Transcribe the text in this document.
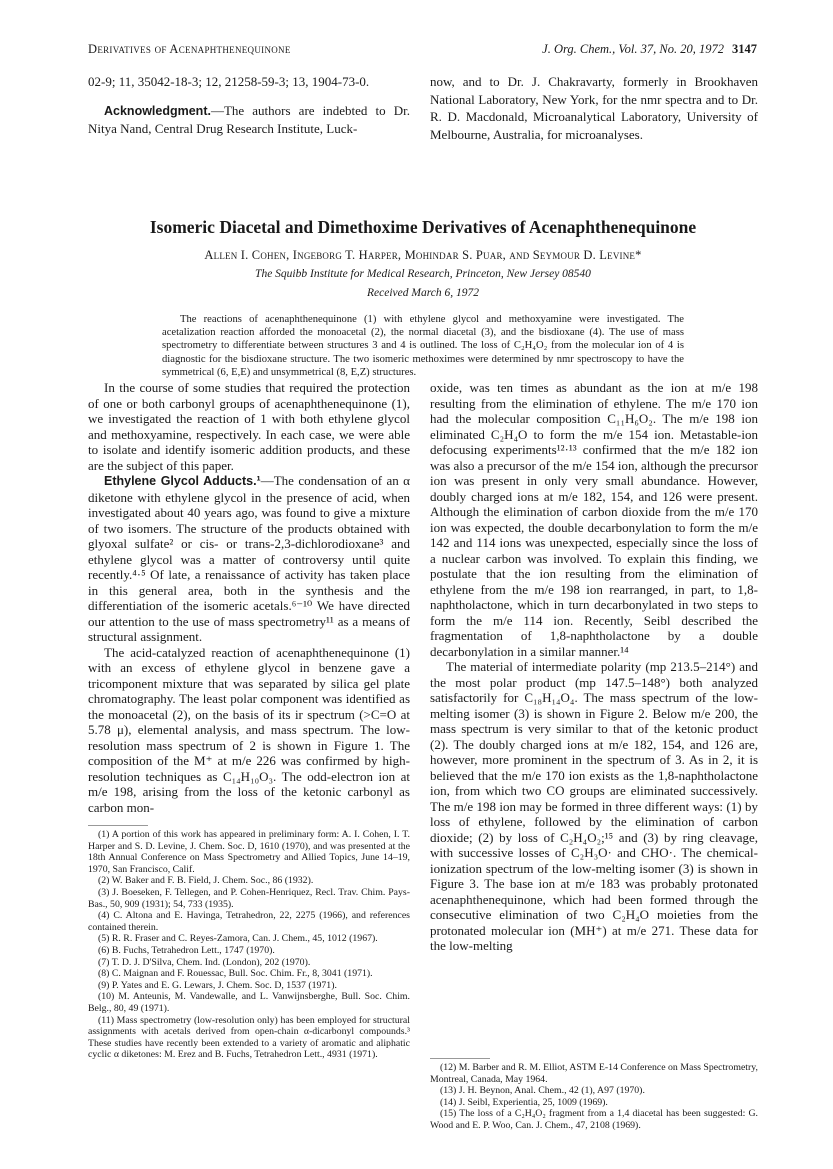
Derivatives of Acenaphthenequinone	J. Org. Chem., Vol. 37, No. 20, 1972 3147

02-9; 11, 35042-18-3; 12, 21258-59-3; 13, 1904-73-0.

Acknowledgment.—The authors are indebted to Dr. Nitya Nand, Central Drug Research Institute, Luck-

now, and to Dr. J. Chakravarty, formerly in Brookhaven National Laboratory, New York, for the nmr spectra and to Dr. R. D. Macdonald, Microanalytical Laboratory, University of Melbourne, Australia, for microanalyses.

Isomeric Diacetal and Dimethoxime Derivatives of Acenaphthenequinone
Allen I. Cohen, Ingeborg T. Harper, Mohindar S. Puar, and Seymour D. Levine*
The Squibb Institute for Medical Research, Princeton, New Jersey 08540
Received March 6, 1972

The reactions of acenaphthenequinone (1) with ethylene glycol and methoxyamine were investigated. The acetalization reaction afforded the monoacetal (2), the normal diacetal (3), and the bisdioxane (4). The use of mass spectrometry to differentiate between structures 3 and 4 is outlined. The loss of C₂H₄O₂ from the molecular ion of 4 is diagnostic for the bisdioxane structure. The two isomeric methoximes were determined by nmr spectroscopy to have the symmetrical (6, E,E) and unsymmetrical (8, E,Z) structures.

In the course of some studies that required the protection of one or both carbonyl groups of acenaphthenequinone (1), we investigated the reaction of 1 with both ethylene glycol and methoxyamine, respectively. In each case, we were able to isolate and identify isomeric addition products, and these are the subject of this paper.

Ethylene Glycol Adducts.¹—The condensation of an α diketone with ethylene glycol in the presence of acid, when investigated about 40 years ago, was found to give a mixture of two isomers. The structure of the products obtained with glyoxal sulfate² or cis- or trans-2,3-dichlorodioxane³ and ethylene glycol was a matter of controversy until quite recently.⁴·⁵ Of late, a renaissance of activity has taken place in this general area, both in the synthesis and the differentiation of the isomeric acetals.⁶⁻¹⁰ We have directed our attention to the use of mass spectrometry¹¹ as a means of structural assignment.

The acid-catalyzed reaction of acenaphthenequinone (1) with an excess of ethylene glycol in benzene gave a tricomponent mixture that was separated by silica gel plate chromatography. The least polar component was identified as the monoacetal (2), on the basis of its ir spectrum (>C=O at 5.78 μ), elemental analysis, and mass spectrum. The low-resolution mass spectrum of 2 is shown in Figure 1. The composition of the M⁺ at m/e 226 was confirmed by high-resolution techniques as C₁₄H₁₀O₃. The odd-electron ion at m/e 198, arising from the loss of the ketonic carbonyl as carbon mon-

oxide, was ten times as abundant as the ion at m/e 198 resulting from the elimination of ethylene. The m/e 170 ion had the molecular composition C₁₁H₆O₂. The m/e 198 ion eliminated C₂H₄O to form the m/e 154 ion. Metastable-ion defocusing experiments¹²·¹³ confirmed that the m/e 182 ion was also a precursor of the m/e 154 ion, although the precursor ion was present in only very small abundance. However, doubly charged ions at m/e 182, 154, and 126 were present. Although the elimination of carbon dioxide from the m/e 170 ion was expected, the double decarbonylation to form the m/e 142 and 114 ions was unexpected, especially since the loss of a nuclear carbon was involved. To explain this finding, we postulate that the ion resulting from the elimination of ethylene from the m/e 198 ion rearranged, in part, to 1,8-naphtholactone, which in turn decarbonylated in two steps to form the m/e 114 ion. Recently, Seibl described the fragmentation of 1,8-naphtholactone by a double decarbonylation in a similar manner.¹⁴

The material of intermediate polarity (mp 213.5–214°) and the most polar product (mp 147.5–148°) both analyzed satisfactorily for C₁₈H₁₄O₄. The mass spectrum of the low-melting isomer (3) is shown in Figure 2. Below m/e 200, the mass spectrum is very similar to that of the ketonic product (2). The doubly charged ions at m/e 182, 154, and 126 are, however, more prominent in the spectrum of 3. As in 2, it is believed that the m/e 170 ion exists as the 1,8-naphtholactone ion, from which two CO groups are eliminated successively. The m/e 198 ion may be formed in three different ways: (1) by loss of ethylene, followed by the elimination of carbon dioxide; (2) by loss of C₂H₄O₂;¹⁵ and (3) by ring cleavage, with successive losses of C₂H₃O· and CHO·. The chemical-ionization spectrum of the low-melting isomer (3) is shown in Figure 3. The base ion at m/e 183 was probably protonated acenaphthenequinone, which had been formed through the consecutive elimination of two C₂H₄O moieties from the protonated molecular ion (MH⁺) at m/e 271. These data for the low-melting

(1) A portion of this work has appeared in preliminary form: A. I. Cohen, I. T. Harper and S. D. Levine, J. Chem. Soc. D, 1610 (1970), and was presented at the 18th Annual Conference on Mass Spectrometry and Allied Topics, June 14–19, 1970, San Francisco, Calif.

(2) W. Baker and F. B. Field, J. Chem. Soc., 86 (1932).

(3) J. Boeseken, F. Tellegen, and P. Cohen-Henriquez, Recl. Trav. Chim. Pays-Bas., 50, 909 (1931); 54, 733 (1935).

(4) C. Altona and E. Havinga, Tetrahedron, 22, 2275 (1966), and references contained therein.

(5) R. R. Fraser and C. Reyes-Zamora, Can. J. Chem., 45, 1012 (1967).

(6) B. Fuchs, Tetrahedron Lett., 1747 (1970).

(7) T. D. J. D'Silva, Chem. Ind. (London), 202 (1970).

(8) C. Maignan and F. Rouessac, Bull. Soc. Chim. Fr., 8, 3041 (1971).

(9) P. Yates and E. G. Lewars, J. Chem. Soc. D, 1537 (1971).

(10) M. Anteunis, M. Vandewalle, and L. Vanwijnsberghe, Bull. Soc. Chim. Belg., 80, 49 (1971).

(11) Mass spectrometry (low-resolution only) has been employed for structural assignments with acetals derived from open-chain α-dicarbonyl compounds.³ These studies have recently been extended to a variety of aromatic and aliphatic cyclic α diketones: M. Erez and B. Fuchs, Tetrahedron Lett., 4931 (1971).

(12) M. Barber and R. M. Elliot, ASTM E-14 Conference on Mass Spectrometry, Montreal, Canada, May 1964.

(13) J. H. Beynon, Anal. Chem., 42 (1), A97 (1970).

(14) J. Seibl, Experientia, 25, 1009 (1969).

(15) The loss of a C₂H₄O₂ fragment from a 1,4 diacetal has been suggested: G. Wood and E. P. Woo, Can. J. Chem., 47, 2108 (1969).
